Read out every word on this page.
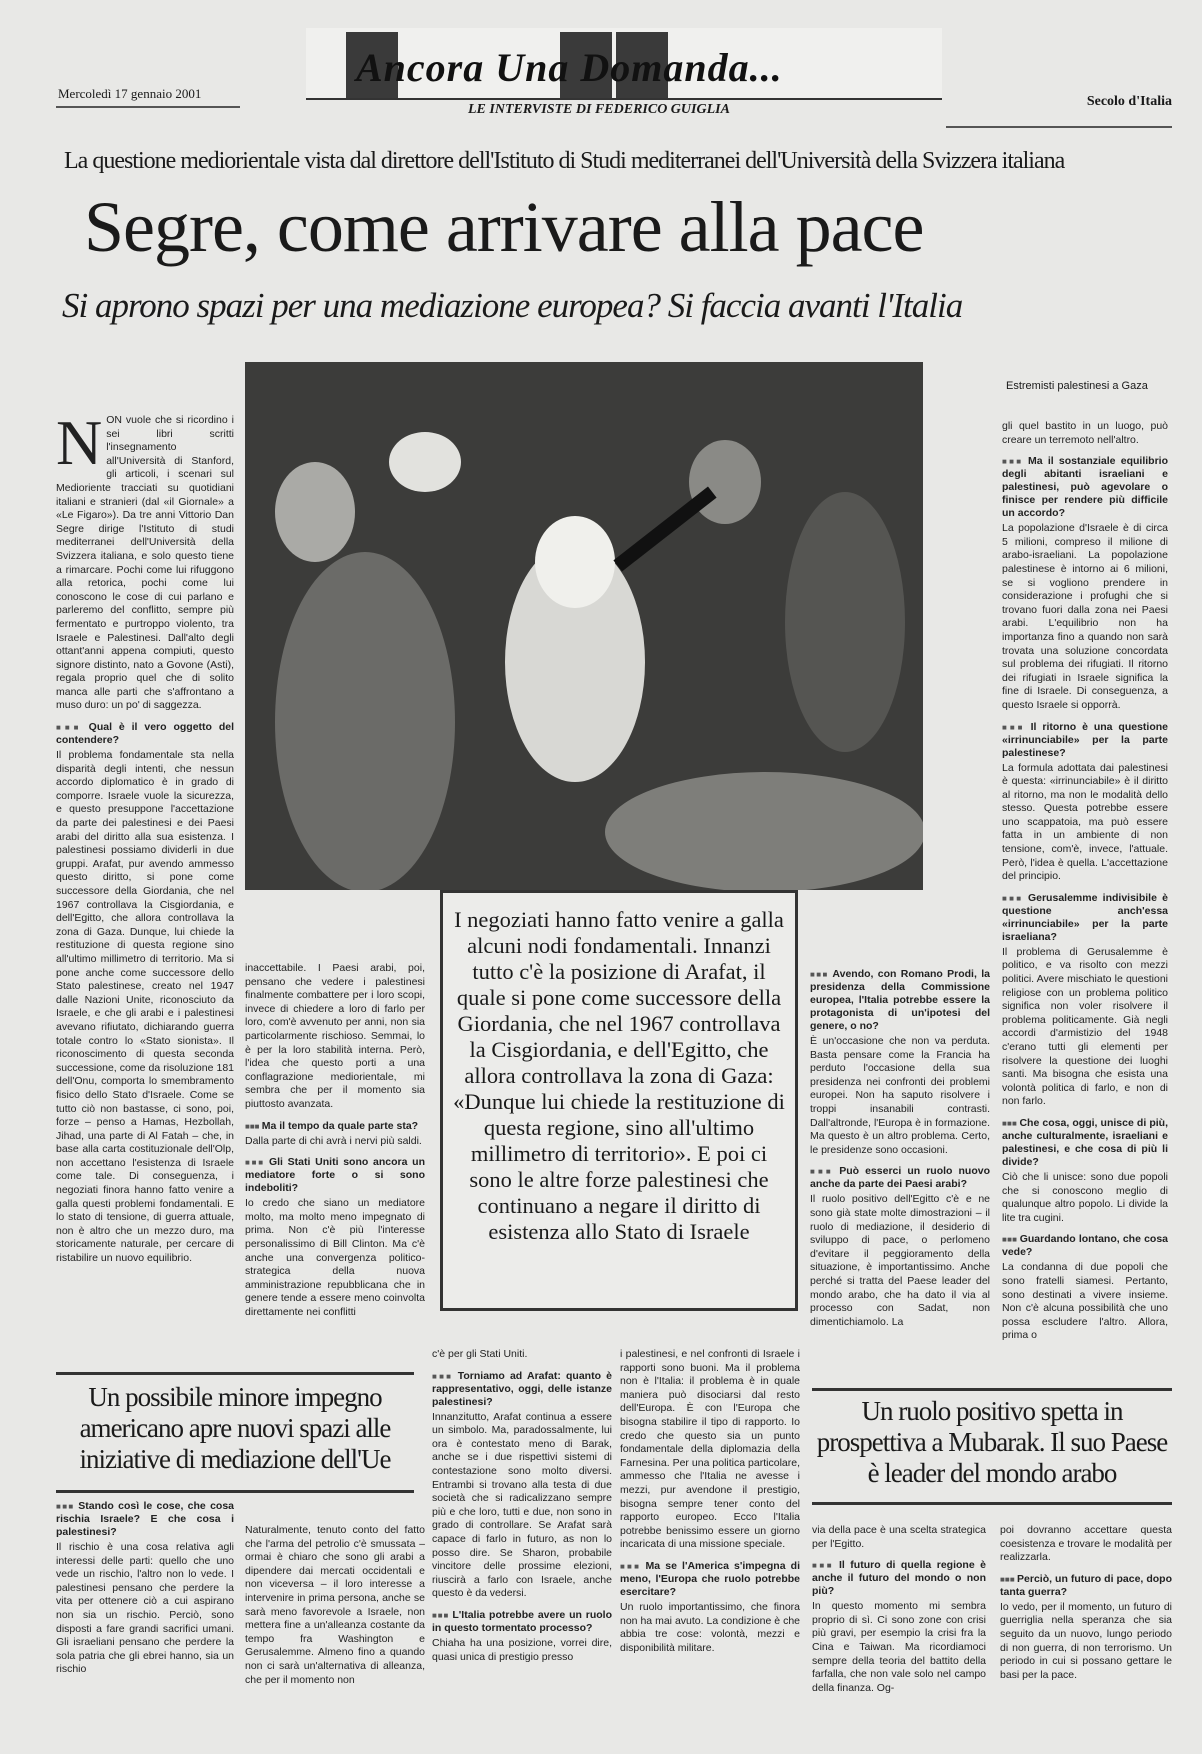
Mercoledì 17 gennaio 2001
Ancora Una Domanda...
LE INTERVISTE DI FEDERICO GUIGLIA
Secolo d'Italia
La questione mediorientale vista dal direttore dell'Istituto di Studi mediterranei dell'Università della Svizzera italiana
Segre, come arrivare alla pace
Si aprono spazi per una mediazione europea? Si faccia avanti l'Italia
Estremisti palestinesi a Gaza
N ON vuole che si ricordino i sei libri scritti l'insegnamento all'Università di Stanford, gli articoli, i scenari sul Medioriente tracciati su quotidiani italiani e stranieri (dal «il Giornale» a «Le Figaro»). Da tre anni Vittorio Dan Segre dirige l'Istituto di studi mediterranei dell'Università della Svizzera italiana, e solo questo tiene a rimarcare. Pochi come lui rifuggono alla retorica, pochi come lui conoscono le cose di cui parlano e parleremo del conflitto, sempre più fermentato e purtroppo violento, tra Israele e Palestinesi. Dall'alto degli ottant'anni appena compiuti, questo signore distinto, nato a Govone (Asti), regala proprio quel che di solito manca alle parti che s'affrontano a muso duro: un po' di saggezza.
■■■ Qual è il vero oggetto del contendere?
Il problema fondamentale sta nella disparità degli intenti, che nessun accordo diplomatico è in grado di comporre. Israele vuole la sicurezza, e questo presuppone l'accettazione da parte dei palestinesi e dei Paesi arabi del diritto alla sua esistenza. I palestinesi possiamo dividerli in due gruppi. Arafat, pur avendo ammesso questo diritto, si pone come successore della Giordania, che nel 1967 controllava la Cisgiordania, e dell'Egitto, che allora controllava la zona di Gaza. Dunque, lui chiede la restituzione di questa regione sino all'ultimo millimetro di territorio. Ma si pone anche come successore dello Stato palestinese, creato nel 1947 dalle Nazioni Unite, riconosciuto da Israele, e che gli arabi e i palestinesi avevano rifiutato, dichiarando guerra totale contro lo «Stato sionista». Il riconoscimento di questa seconda successione, come da risoluzione 181 dell'Onu, comporta lo smembramento fisico dello Stato d'Israele. Come se tutto ciò non bastasse, ci sono, poi, forze – penso a Hamas, Hezbollah, Jihad, una parte di Al Fatah – che, in base alla carta costituzionale dell'Olp, non accettano l'esistenza di Israele come tale. Di conseguenza, i negoziati finora hanno fatto venire a galla questi problemi fondamentali. E lo stato di tensione, di guerra attuale, non è altro che un mezzo duro, ma storicamente naturale, per cercare di ristabilire un nuovo equilibrio.
inaccettabile. I Paesi arabi, poi, pensano che vedere i palestinesi finalmente combattere per i loro scopi, invece di chiedere a loro di farlo per loro, com'è avvenuto per anni, non sia particolarmente rischioso. Semmai, lo è per la loro stabilità interna. Però, l'idea che questo porti a una conflagrazione mediorientale, mi sembra che per il momento sia piuttosto avanzata.
■■■ Ma il tempo da quale parte sta?
Dalla parte di chi avrà i nervi più saldi.
■■■ Gli Stati Uniti sono ancora un mediatore forte o si sono indeboliti?
Io credo che siano un mediatore molto, ma molto meno impegnato di prima. Non c'è più l'interesse personalissimo di Bill Clinton. Ma c'è anche una convergenza politico-strategica della nuova amministrazione repubblicana che in genere tende a essere meno coinvolta direttamente nei conflitti
I negoziati hanno fatto venire a galla alcuni nodi fondamentali. Innanzi tutto c'è la posizione di Arafat, il quale si pone come successore della Giordania, che nel 1967 controllava la Cisgiordania, e dell'Egitto, che allora controllava la zona di Gaza: «Dunque lui chiede la restituzione di questa regione, sino all'ultimo millimetro di territorio». E poi ci sono le altre forze palestinesi che continuano a negare il diritto di esistenza allo Stato di Israele
■■■ Avendo, con Romano Prodi, la presidenza della Commissione europea, l'Italia potrebbe essere la protagonista di un'ipotesi del genere, o no?
È un'occasione che non va perduta. Basta pensare come la Francia ha perduto l'occasione della sua presidenza nei confronti dei problemi europei. Non ha saputo risolvere i troppi insanabili contrasti. Dall'altronde, l'Europa è in formazione. Ma questo è un altro problema. Certo, le presidenze sono occasioni.
■■■ Può esserci un ruolo nuovo anche da parte dei Paesi arabi?
Il ruolo positivo dell'Egitto c'è e ne sono già state molte dimostrazioni – il ruolo di mediazione, il desiderio di sviluppo di pace, o perlomeno d'evitare il peggioramento della situazione, è importantissimo. Anche perché si tratta del Paese leader del mondo arabo, che ha dato il via al processo con Sadat, non dimentichiamolo. La
gli quel bastito in un luogo, può creare un terremoto nell'altro.
■■■ Ma il sostanziale equilibrio degli abitanti israeliani e palestinesi, può agevolare o finisce per rendere più difficile un accordo?
La popolazione d'Israele è di circa 5 milioni, compreso il milione di arabo-israeliani. La popolazione palestinese è intorno ai 6 milioni, se si vogliono prendere in considerazione i profughi che si trovano fuori dalla zona nei Paesi arabi. L'equilibrio non ha importanza fino a quando non sarà trovata una soluzione concordata sul problema dei rifugiati. Il ritorno dei rifugiati in Israele significa la fine di Israele. Di conseguenza, a questo Israele si opporrà.
■■■ Il ritorno è una questione «irrinunciabile» per la parte palestinese?
La formula adottata dai palestinesi è questa: «irrinunciabile» è il diritto al ritorno, ma non le modalità dello stesso. Questa potrebbe essere uno scappatoia, ma può essere fatta in un ambiente di non tensione, com'è, invece, l'attuale. Però, l'idea è quella. L'accettazione del principio.
■■■ Gerusalemme indivisibile è questione anch'essa «irrinunciabile» per la parte israeliana?
Il problema di Gerusalemme è politico, e va risolto con mezzi politici. Avere mischiato le questioni religiose con un problema politico significa non voler risolvere il problema politicamente. Già negli accordi d'armistizio del 1948 c'erano tutti gli elementi per risolvere la questione dei luoghi santi. Ma bisogna che esista una volontà politica di farlo, e non di non farlo.
■■■ Che cosa, oggi, unisce di più, anche culturalmente, israeliani e palestinesi, e che cosa di più li divide?
Ciò che li unisce: sono due popoli che si conoscono meglio di qualunque altro popolo. Li divide la lite tra cugini.
■■■ Guardando lontano, che cosa vede?
La condanna di due popoli che sono fratelli siamesi. Pertanto, sono destinati a vivere insieme. Non c'è alcuna possibilità che uno possa escludere l'altro. Allora, prima o
Un possibile minore impegno americano apre nuovi spazi alle iniziative di mediazione dell'Ue
Un ruolo positivo spetta in prospettiva a Mubarak. Il suo Paese è leader del mondo arabo
■■■ Stando così le cose, che cosa rischia Israele? E che cosa i palestinesi?
Il rischio è una cosa relativa agli interessi delle parti: quello che uno vede un rischio, l'altro non lo vede. I palestinesi pensano che perdere la vita per ottenere ciò a cui aspirano non sia un rischio. Perciò, sono disposti a fare grandi sacrifici umani. Gli israeliani pensano che perdere la sola patria che gli ebrei hanno, sia un rischio
Naturalmente, tenuto conto del fatto che l'arma del petrolio c'è smussata – ormai è chiaro che sono gli arabi a dipendere dai mercati occidentali e non viceversa – il loro interesse a intervenire in prima persona, anche se sarà meno favorevole a Israele, non mettera fine a un'alleanza costante da tempo fra Washington e Gerusalemme. Almeno fino a quando non ci sarà un'alternativa di alleanza, che per il momento non
c'è per gli Stati Uniti.
■■■ Torniamo ad Arafat: quanto è rappresentativo, oggi, delle istanze palestinesi?
Innanzitutto, Arafat continua a essere un simbolo. Ma, paradossalmente, lui ora è contestato meno di Barak, anche se i due rispettivi sistemi di contestazione sono molto diversi. Entrambi si trovano alla testa di due società che si radicalizzano sempre più e che loro, tutti e due, non sono in grado di controllare. Se Arafat sarà capace di farlo in futuro, as non lo posso dire. Se Sharon, probabile vincitore delle prossime elezioni, riuscirà a farlo con Israele, anche questo è da vedersi.
■■■ L'Italia potrebbe avere un ruolo in questo tormentato processo?
Chiaha ha una posizione, vorrei dire, quasi unica di prestigio presso
i palestinesi, e nel confronti di Israele i rapporti sono buoni. Ma il problema non è l'Italia: il problema è in quale maniera può disociarsi dal resto dell'Europa. È con l'Europa che bisogna stabilire il tipo di rapporto. Io credo che questo sia un punto fondamentale della diplomazia della Farnesina. Per una politica particolare, ammesso che l'Italia ne avesse i mezzi, pur avendone il prestigio, bisogna sempre tener conto del rapporto europeo. Ecco l'Italia potrebbe benissimo essere un giorno incaricata di una missione speciale.
■■■ Ma se l'America s'impegna di meno, l'Europa che ruolo potrebbe esercitare?
Un ruolo importantissimo, che finora non ha mai avuto. La condizione è che abbia tre cose: volontà, mezzi e disponibilità militare.
via della pace è una scelta strategica per l'Egitto.
■■■ Il futuro di quella regione è anche il futuro del mondo o non più?
In questo momento mi sembra proprio di sì. Ci sono zone con crisi più gravi, per esempio la crisi fra la Cina e Taiwan. Ma ricordiamoci sempre della teoria del battito della farfalla, che non vale solo nel campo della finanza. Og-
poi dovranno accettare questa coesistenza e trovare le modalità per realizzarla.
■■■ Perciò, un futuro di pace, dopo tanta guerra?
Io vedo, per il momento, un futuro di guerriglia nella speranza che sia seguito da un nuovo, lungo periodo di non guerra, di non terrorismo. Un periodo in cui si possano gettare le basi per la pace.
